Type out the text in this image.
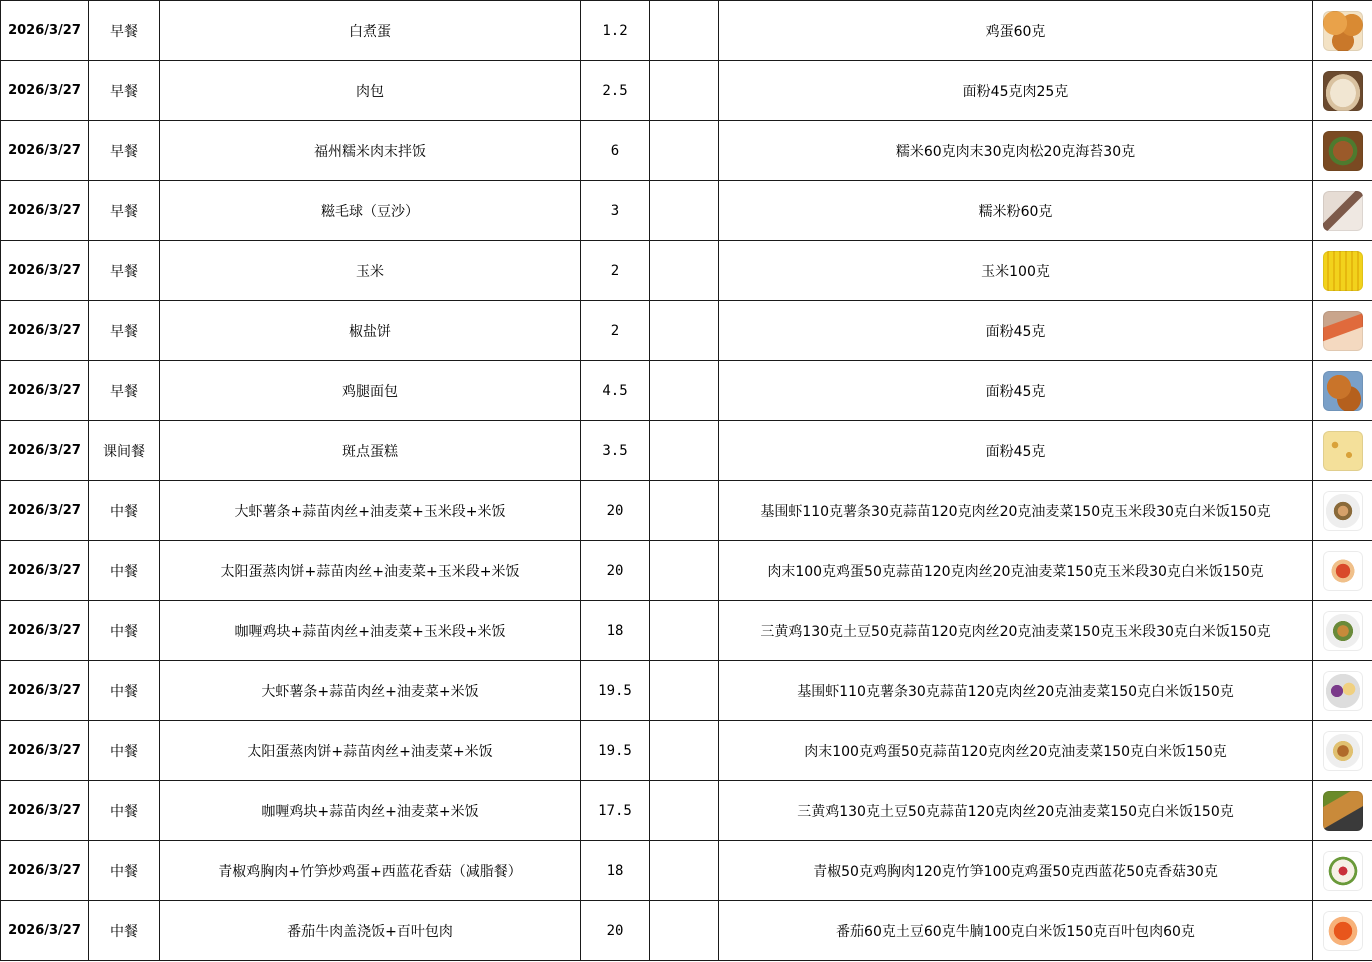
2026/3/27	早餐	白煮蛋	1.2		鸡蛋60克	

2026/3/27	早餐	肉包	2.5		面粉45克肉25克	

2026/3/27	早餐	福州糯米肉末拌饭	6		糯米60克肉末30克肉松20克海苔30克	

2026/3/27	早餐	糍毛球（豆沙）	3		糯米粉60克	

2026/3/27	早餐	玉米	2		玉米100克	

2026/3/27	早餐	椒盐饼	2		面粉45克	

2026/3/27	早餐	鸡腿面包	4.5		面粉45克	

2026/3/27	课间餐	斑点蛋糕	3.5		面粉45克	

2026/3/27	中餐	大虾薯条+蒜苗肉丝+油麦菜+玉米段+米饭	20		基围虾110克薯条30克蒜苗120克肉丝20克油麦菜150克玉米段30克白米饭150克	

2026/3/27	中餐	太阳蛋蒸肉饼+蒜苗肉丝+油麦菜+玉米段+米饭	20		肉末100克鸡蛋50克蒜苗120克肉丝20克油麦菜150克玉米段30克白米饭150克	

2026/3/27	中餐	咖喱鸡块+蒜苗肉丝+油麦菜+玉米段+米饭	18		三黄鸡130克土豆50克蒜苗120克肉丝20克油麦菜150克玉米段30克白米饭150克	

2026/3/27	中餐	大虾薯条+蒜苗肉丝+油麦菜+米饭	19.5		基围虾110克薯条30克蒜苗120克肉丝20克油麦菜150克白米饭150克	

2026/3/27	中餐	太阳蛋蒸肉饼+蒜苗肉丝+油麦菜+米饭	19.5		肉末100克鸡蛋50克蒜苗120克肉丝20克油麦菜150克白米饭150克	

2026/3/27	中餐	咖喱鸡块+蒜苗肉丝+油麦菜+米饭	17.5		三黄鸡130克土豆50克蒜苗120克肉丝20克油麦菜150克白米饭150克	

2026/3/27	中餐	青椒鸡胸肉+竹笋炒鸡蛋+西蓝花香菇（减脂餐）	18		青椒50克鸡胸肉120克竹笋100克鸡蛋50克西蓝花50克香菇30克	

2026/3/27	中餐	番茄牛肉盖浇饭+百叶包肉	20		番茄60克土豆60克牛腩100克白米饭150克百叶包肉60克	
